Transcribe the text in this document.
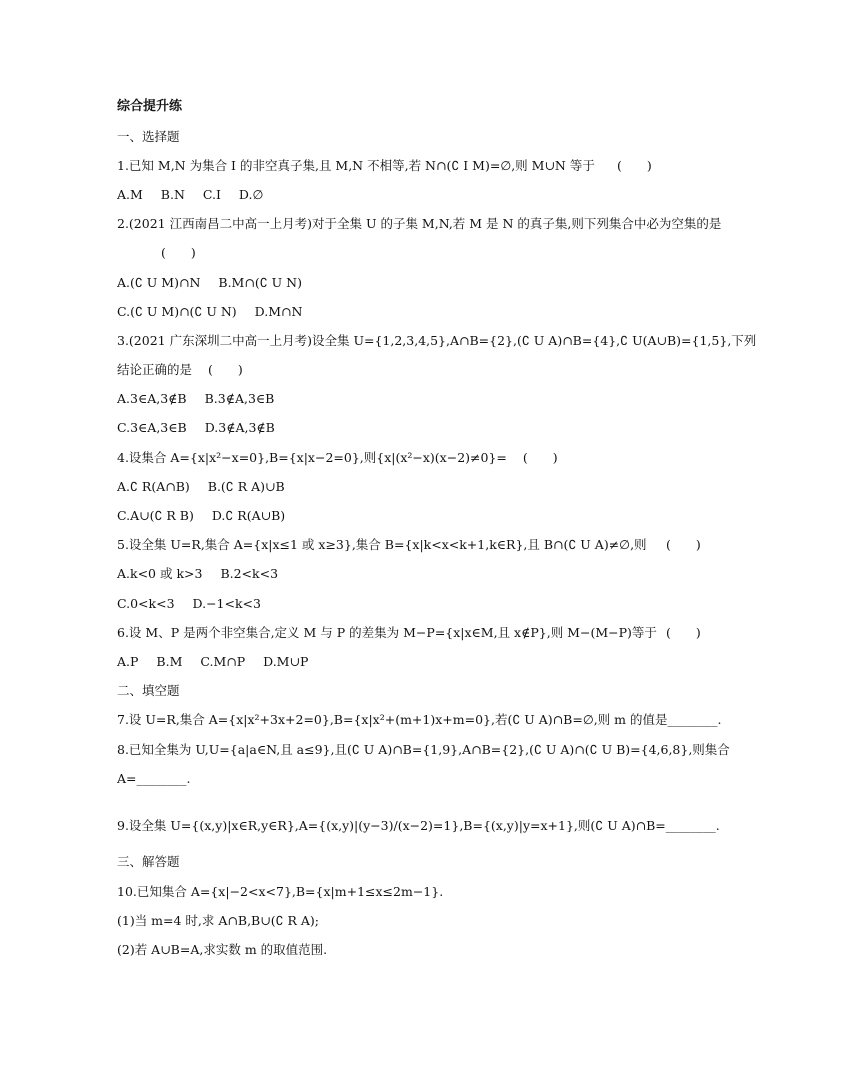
综合提升练
一、选择题
1.已知 M,N 为集合 I 的非空真子集,且 M,N 不相等,若 N∩(∁ I M)=∅,则 M∪N 等于 (　　)
A.M B.N C.I D.∅
2.(2021 江西南昌二中高一上月考)对于全集 U 的子集 M,N,若 M 是 N 的真子集,则下列集合中必为空集的是
(　　)
A.(∁ U M)∩N B.M∩(∁ U N)
C.(∁ U M)∩(∁ U N) D.M∩N
3.(2021 广东深圳二中高一上月考)设全集 U={1,2,3,4,5},A∩B={2},(∁ U A)∩B={4},∁ U(A∪B)={1,5},下列
结论正确的是 (　　)
A.3∈A,3∉B B.3∉A,3∈B
C.3∈A,3∈B D.3∉A,3∉B
4.设集合 A={x|x²−x=0},B={x|x−2=0},则{x|(x²−x)(x−2)≠0}= (　　)
A.∁ R(A∩B) B.(∁ R A)∪B
C.A∪(∁ R B) D.∁ R(A∪B)
5.设全集 U=R,集合 A={x|x≤1 或 x≥3},集合 B={x|k<x<k+1,k∈R},且 B∩(∁ U A)≠∅,则 (　　)
A.k<0 或 k>3 B.2<k<3
C.0<k<3 D.−1<k<3
6.设 M、P 是两个非空集合,定义 M 与 P 的差集为 M−P={x|x∈M,且 x∉P},则 M−(M−P)等于 (　　)
A.P B.M C.M∩P D.M∪P
二、填空题
7.设 U=R,集合 A={x|x²+3x+2=0},B={x|x²+(m+1)x+m=0},若(∁ U A)∩B=∅,则 m 的值是________.
8.已知全集为 U,U={a|a∈N,且 a≤9},且(∁ U A)∩B={1,9},A∩B={2},(∁ U A)∩(∁ U B)={4,6,8},则集合
A=________.
9.设全集 U={(x,y)|x∈R,y∈R},A={(x,y)|(y−3)/(x−2)=1},B={(x,y)|y=x+1},则(∁ U A)∩B=________.
三、解答题
10.已知集合 A={x|−2<x<7},B={x|m+1≤x≤2m−1}.
(1)当 m=4 时,求 A∩B,B∪(∁ R A);
(2)若 A∪B=A,求实数 m 的取值范围.
